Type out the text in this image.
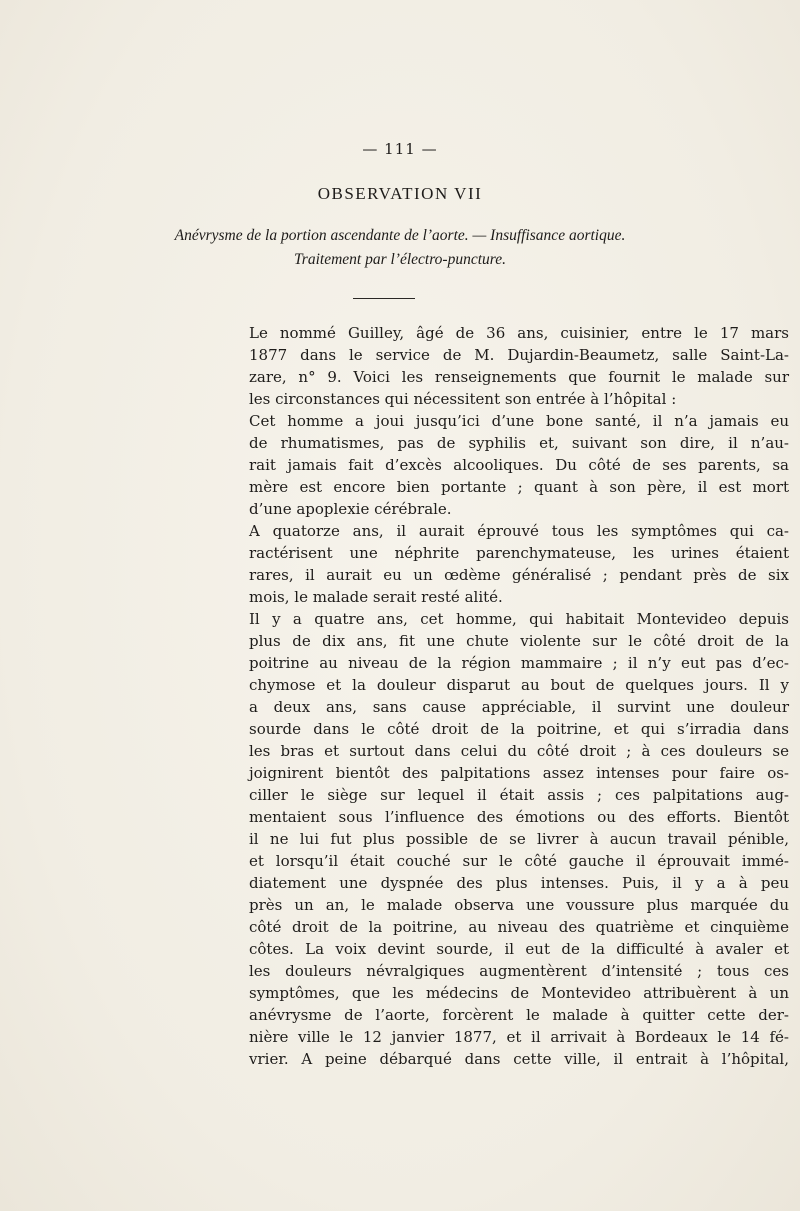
— 111 —
OBSERVATION VII
Anévrysme de la portion ascendante de l’aorte. — Insuffisance aortique.
Traitement par l’électro-puncture.

Le nommé Guilley, âgé de 36 ans, cuisinier, entre le 17 mars
1877 dans le service de M. Dujardin-Beaumetz, salle Saint-La-
zare, n° 9. Voici les renseignements que fournit le malade sur
les circonstances qui nécessitent son entrée à l’hôpital :

Cet homme a joui jusqu’ici d’une bone santé, il n’a jamais eu
de rhumatismes, pas de syphilis et, suivant son dire, il n’au-
rait jamais fait d’excès alcooliques. Du côté de ses parents, sa
mère est encore bien portante ; quant à son père, il est mort
d’une apoplexie cérébrale.

A quatorze ans, il aurait éprouvé tous les symptômes qui ca-
ractérisent une néphrite parenchymateuse, les urines étaient
rares, il aurait eu un œdème généralisé ; pendant près de six
mois, le malade serait resté alité.

Il y a quatre ans, cet homme, qui habitait Montevideo depuis
plus de dix ans, fit une chute violente sur le côté droit de la
poitrine au niveau de la région mammaire ; il n’y eut pas d’ec-
chymose et la douleur disparut au bout de quelques jours. Il y
a deux ans, sans cause appréciable, il survint une douleur
sourde dans le côté droit de la poitrine, et qui s’irradia dans
les bras et surtout dans celui du côté droit ; à ces douleurs se
joignirent bientôt des palpitations assez intenses pour faire os-
ciller le siège sur lequel il était assis ; ces palpitations aug-
mentaient sous l’influence des émotions ou des efforts. Bientôt
il ne lui fut plus possible de se livrer à aucun travail pénible,
et lorsqu’il était couché sur le côté gauche il éprouvait immé-
diatement une dyspnée des plus intenses. Puis, il y a à peu
près un an, le malade observa une voussure plus marquée du
côté droit de la poitrine, au niveau des quatrième et cinquième
côtes. La voix devint sourde, il eut de la difficulté à avaler et
les douleurs névralgiques augmentèrent d’intensité ; tous ces
symptômes, que les médecins de Montevideo attribuèrent à un
anévrysme de l’aorte, forcèrent le malade à quitter cette der-
nière ville le 12 janvier 1877, et il arrivait à Bordeaux le 14 fé-
vrier. A peine débarqué dans cette ville, il entrait à l’hôpital,
